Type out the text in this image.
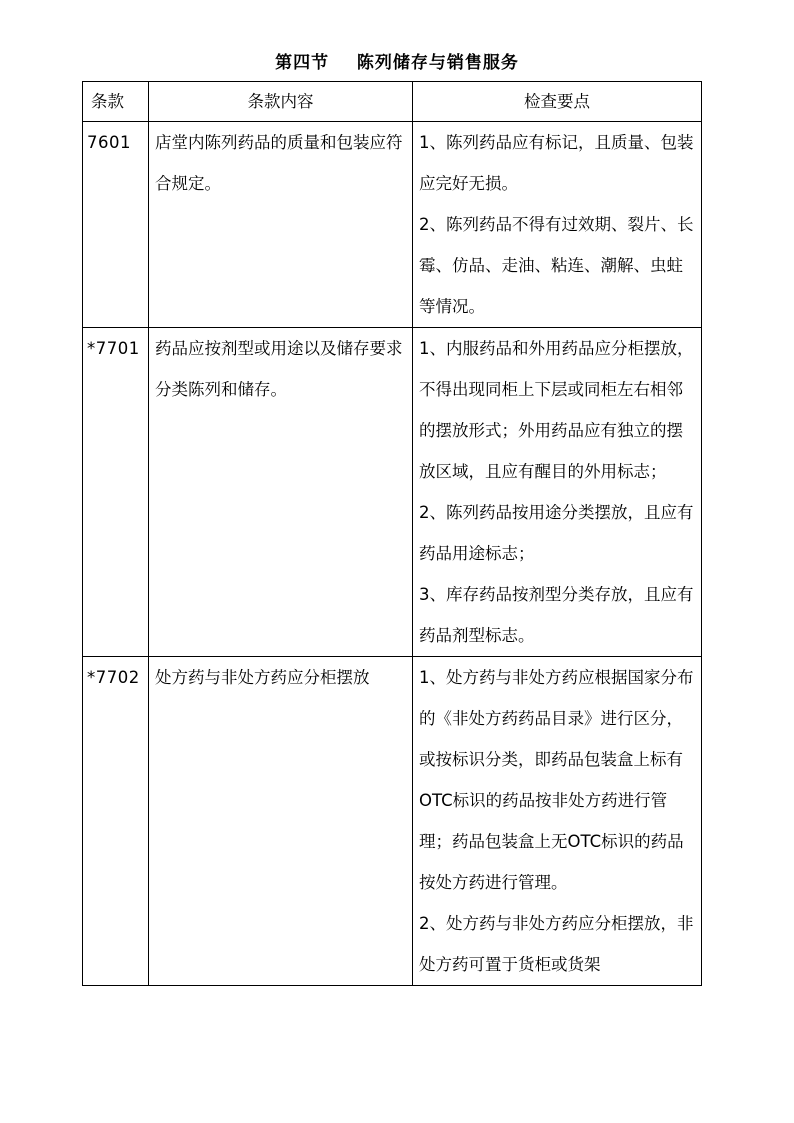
第四节    陈列储存与销售服务
条款	条款内容	检查要点
7601	店堂内陈列药品的质量和包装应符合规定。	1、陈列药品应有标记，且质量、包装应完好无损。
2、陈列药品不得有过效期、裂片、长霉、仿品、走油、粘连、潮解、虫蛀等情况。

*7701	药品应按剂型或用途以及储存要求分类陈列和储存。	1、内服药品和外用药品应分柜摆放，不得出现同柜上下层或同柜左右相邻的摆放形式；外用药品应有独立的摆放区域，且应有醒目的外用标志；
2、陈列药品按用途分类摆放，且应有药品用途标志；
3、库存药品按剂型分类存放，且应有药品剂型标志。

*7702	处方药与非处方药应分柜摆放	1、处方药与非处方药应根据国家分布的《非处方药药品目录》进行区分，或按标识分类，即药品包装盒上标有OTC标识的药品按非处方药进行管理；药品包装盒上无OTC标识的药品按处方药进行管理。
2、处方药与非处方药应分柜摆放，非处方药可置于货柜或货架
